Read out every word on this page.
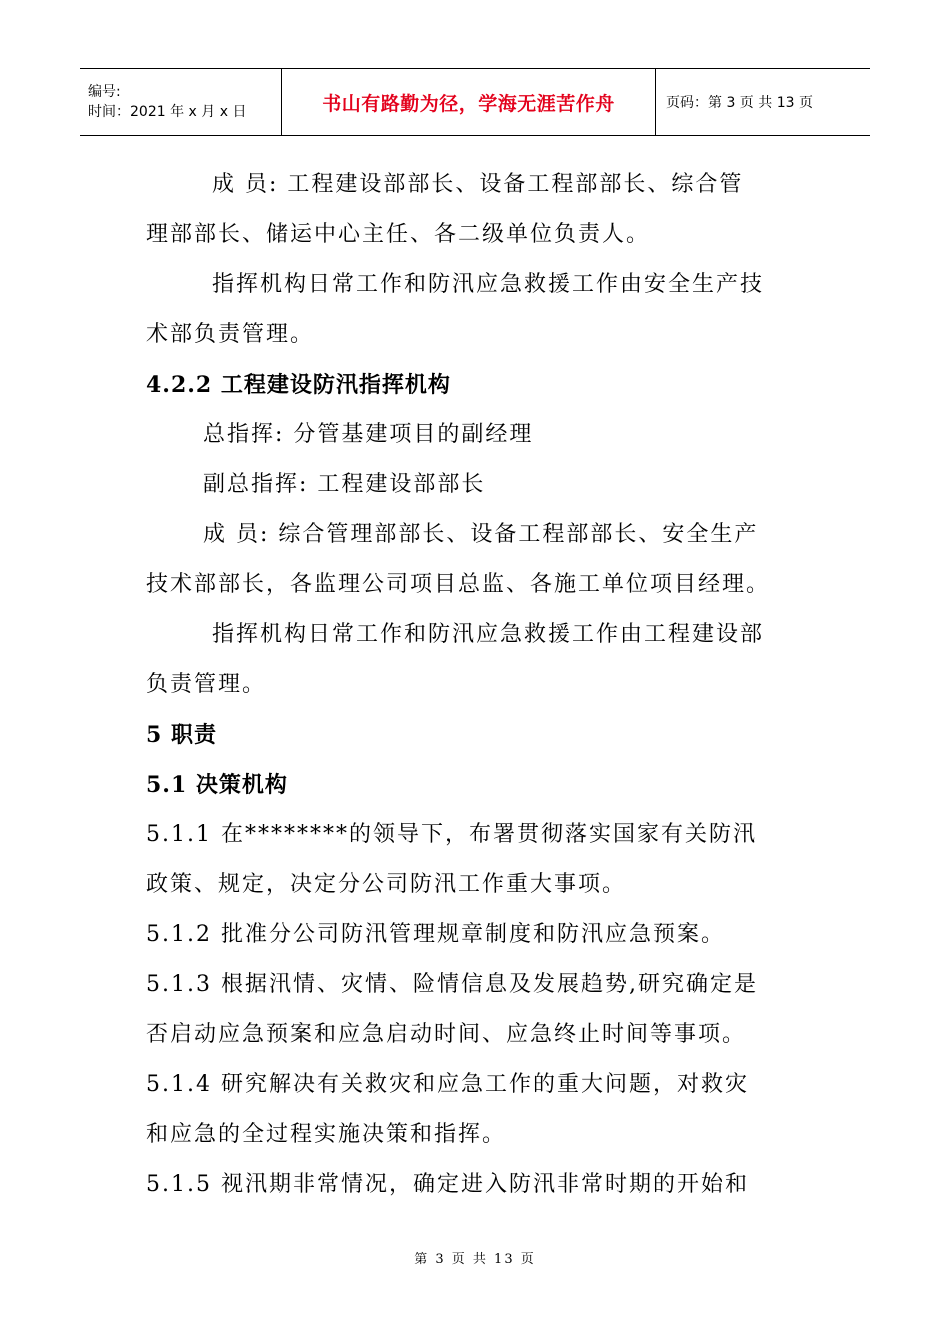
编号:
时间：2021 年 x 月 x 日	书山有路勤为径，学海无涯苦作舟	页码：第 3 页 共 13 页
成 员: 工程建设部部长、设备工程部部长、综合管
理部部长、储运中心主任、各二级单位负责人。
指挥机构日常工作和防汛应急救援工作由安全生产技
术部负责管理。
4.2.2 工程建设防汛指挥机构
总指挥: 分管基建项目的副经理
副总指挥: 工程建设部部长
成 员: 综合管理部部长、设备工程部部长、安全生产
技术部部长，各监理公司项目总监、各施工单位项目经理。
指挥机构日常工作和防汛应急救援工作由工程建设部
负责管理。
5 职责
5.1 决策机构
5.1.1 在********的领导下，布署贯彻落实国家有关防汛
政策、规定，决定分公司防汛工作重大事项。
5.1.2 批准分公司防汛管理规章制度和防汛应急预案。
5.1.3 根据汛情、灾情、险情信息及发展趋势,研究确定是
否启动应急预案和应急启动时间、应急终止时间等事项。
5.1.4 研究解决有关救灾和应急工作的重大问题，对救灾
和应急的全过程实施决策和指挥。
5.1.5 视汛期非常情况，确定进入防汛非常时期的开始和
第 3 页 共 13 页
